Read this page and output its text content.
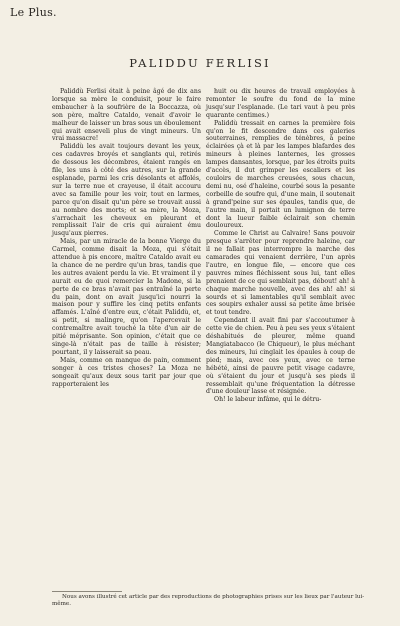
Le Plus.
PALIDDU FERLISI

Paliddù Ferlisi était à peine âgé de dix ans lorsque sa mère le conduisit, pour le faire embaucher à la soufrière de la Boccazza, où son père, maître Cataldo, venait d'avoir le malheur de laisser un bras sous un éboulement qui avait enseveli plus de vingt mineurs. Un vrai massacre!

Paliddù les avait toujours devant les yeux, ces cadavres broyés et sanglants qui, retirés de dessous les décombres, étaient rangés en file, les uns à côté des autres, sur la grande esplanade, parmi les cris désolants et affolés, sur la terre nue et crayeuse, il était accouru avec sa famille pour les voir, tout en larmes, parce qu'on disait qu'un père se trouvait aussi au nombre des morts; et sa mère, la Moza, s'arrachait les cheveux en pleurant et remplissait l'air de cris qui auraient ému jusqu'aux pierres.

Mais, par un miracle de la bonne Vierge du Carmel, comme disait la Moza, qui s'était attendue à pis encore, maître Cataldo avait eu la chance de ne perdre qu'un bras, tandis que les autres avaient perdu la vie. Et vraiment il y aurait eu de quoi remercier la Madone, si la perte de ce bras n'avait pas entraîné la perte du pain, dont on avait jusqu'ici nourri la maison pour y suffire les cinq petits enfants affamés. L'aîné d'entre eux, c'était Paliddù, et, si petit, si malingre, qu'on l'apercevait le contremaître avait touché la tête d'un air de pitié méprisante. Son opinion, c'était que ce singe-là n'était pas de taille à résister; pourtant, il y laisserait sa peau.

Mais, comme on manque de pain, comment songer à ces tristes choses? La Moza ne songeait qu'aux deux sous tarit par jour que rapporteraient les

huit ou dix heures de travail employées à remonter le soufre du fond de la mine jusqu'sur l'esplanade. (Le tari vaut à peu près quarante centimes.)

Paliddù tressait en carnes la première fois qu'on le fit descendre dans ces galeries souterraines, remplies de ténèbres, à peine éclairées çà et là par les lampes blafardes des mineurs à pleines lanternes, les grosses lampes dansantes, lorsque, par les étroits puits d'accès, il dut grimper les escaliers et les couloirs de marches creusées, sous chacun, demi nu, osé d'haleine, courbé sous la pesante corbeille de soufre qui, d'une main, il soutenait à grand'peine sur ses épaules, tandis que, de l'autre main, il portait un lumignon de terre dont la lueur faible éclairait son chemin douloureux.

Comme le Christ au Calvaire! Sans pouvoir presque s'arrêter pour reprendre haleine, car il ne fallait pas interrompre la marche des camarades qui venaient derrière, l'un après l'autre, en longue file, — encore que ces pauvres mines fléchissent sous lui, tant elles prenaient de ce qui semblait pas, débout! ah! à chaque marche nouvelle, avec des ah! ah! si sourds et si lamentables qu'il semblait avec ces soupirs exhaler aussi sa petite âme brisée et tout tendre.

Cependant il avait fini par s'accoutumer à cette vie de chien. Peu à peu ses yeux s'étaient déshabitués de pleurer, même quand Mangiatabacco (le Chiqueur), le plus méchant des mineurs, lui cinglait les épaules à coup de pied; mais, avec ces yeux, avec ce terne hébété, ainsi de pauvre petit visage cadavre, où s'étaient du jour et jusqu'à ses pieds il ressemblait qu'une fréquentation la détresse d'une douleur lasse et résignée.

Oh! le labeur infâme, qui le détru-

Nous avons illustré cet article par des reproductions de photographies prises sur les lieux par l'auteur lui-même.
